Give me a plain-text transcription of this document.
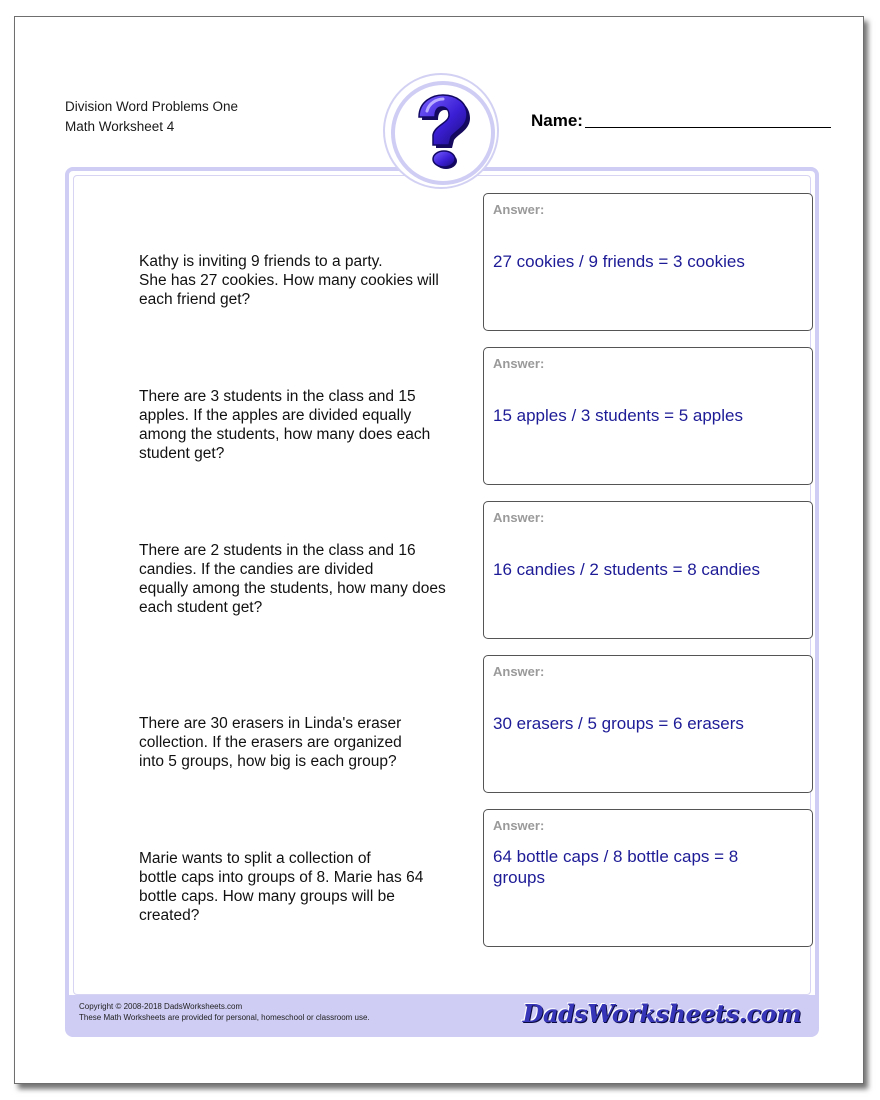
Division Word Problems One
Math Worksheet 4	Name:
Kathy is inviting 9 friends to a party.
She has 27 cookies. How many cookies will
each friend get?
Answer:
27 cookies / 9 friends = 3 cookies
There are 3 students in the class and 15
apples. If the apples are divided equally
among the students, how many does each
student get?
Answer:
15 apples / 3 students = 5 apples
There are 2 students in the class and 16
candies. If the candies are divided
equally among the students, how many does
each student get?
Answer:
16 candies / 2 students = 8 candies
There are 30 erasers in Linda's eraser
collection. If the erasers are organized
into 5 groups, how big is each group?
Answer:
30 erasers / 5 groups = 6 erasers
Marie wants to split a collection of
bottle caps into groups of 8. Marie has 64
bottle caps. How many groups will be
created?
Answer:
64 bottle caps / 8 bottle caps = 8 groups
Copyright © 2008-2018 DadsWorksheets.com
These Math Worksheets are provided for personal, homeschool or classroom use.	DadsWorksheets.com
